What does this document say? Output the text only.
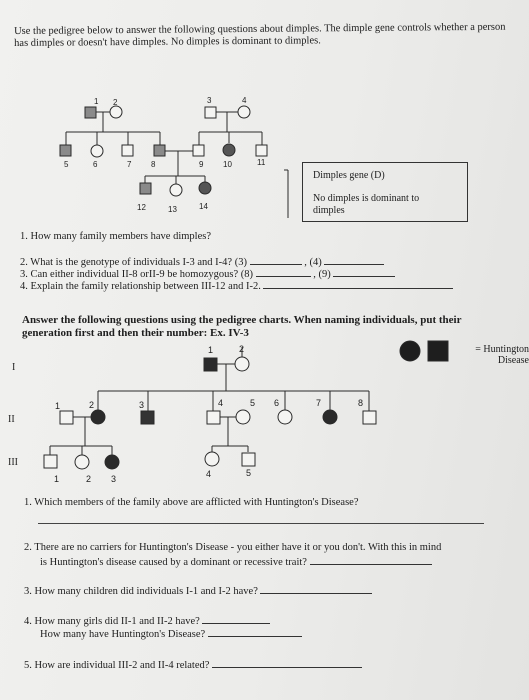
Use the pedigree below to answer the following questions about dimples. The dimple gene controls whether a person has dimples or doesn't have dimples. No dimples is dominant to dimples.
1 2	3	4
5	6	7 8	9 10	11
12	13	14
Dimples gene (D)
No dimples is dominant to dimples
1. How many family members have dimples?
2. What is the genotype of individuals I-3 and I-4? (3)	, (4)
3. Can either individual II-8 orII-9 be homozygous? (8)	, (9)
4. Explain the family relationship between III-12 and I-2.
Answer the following questions using the pedigree charts. When naming individuals, put their generation first and then their number: Ex. IV-3
I
II
III
1	2
1	2	3	4	5 6	7	8
1	2 3	4	5
= Huntington Disease
1. Which members of the family above are afflicted with Huntington's Disease?
2. There are no carriers for Huntington's Disease - you either have it or you don't. With this in mind
is Huntington's disease caused by a dominant or recessive trait?
3. How many children did individuals I-1 and I-2 have?
4. How many girls did II-1 and II-2 have?
How many have Huntington's Disease?
5. How are individual III-2 and II-4 related?
